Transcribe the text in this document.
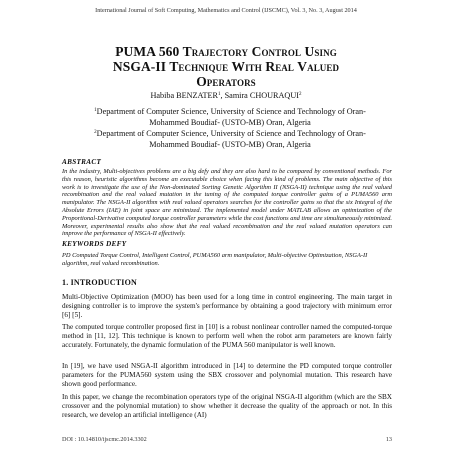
International Journal of Soft Computing, Mathematics and Control (IJSCMC), Vol. 3, No. 3, August 2014
PUMA 560 Trajectory Control Using
NSGA-II Technique With Real Valued
Operators
Habiba BENZATER$^1$, Samira CHOURAQUI$^2$
$^1$Department of Computer Science, University of Science and Technology of Oran-Mohammed Boudiaf- (USTO-MB) Oran, Algeria
$^2$Department of Computer Science, University of Science and Technology of Oran-Mohammed Boudiaf- (USTO-MB) Oran, Algeria
ABSTRACT
In the industry, Multi-objectives problems are a big defy and they are also hard to be compared by conventional methods. For this reason, heuristic algorithms become an executable choice when facing this kind of problems. The main objective of this work is to investigate the use of the Non-dominated Sorting Genetic Algorithm II (NSGA-II) technique using the real valued recombination and the real valued mutation in the tuning of the computed torque controller gains of a PUMA560 arm manipulator. The NSGA-II algorithm with real valued operators searches for the controller gains so that the six Integral of the Absolute Errors (IAE) in joint space are minimized. The implemented model under MATLAB allows an optimization of the Proportional-Derivative computed torque controller parameters while the cost functions and time are simultaneously minimized. Moreover, experimental results also show that the real valued recombination and the real valued mutation operators can improve the performance of NSGA-II effectively.
KEYWORDS DEFY
PD Computed Torque Control, Intelligent Control, PUMA560 arm manipulator, Multi-objective Optimization, NSGA-II algorithm, real valued recombination.
1. INTRODUCTION
Multi-Objective Optimization (MOO) has been used for a long time in control engineering. The main target in designing controller is to improve the system's performance by obtaining a good trajectory with minimum error [6] [5].
The computed torque controller proposed first in [10] is a robust nonlinear controller named the computed-torque method in [11, 12]. This technique is known to perform well when the robot arm parameters are known fairly accurately. Fortunately, the dynamic formulation of the PUMA 560 manipulator is well known.
In [19], we have used NSGA-II algorithm introduced in [14] to determine the PD computed torque controller parameters for the PUMA560 system using the SBX crossover and polynomial mutation. This research have shown good performance.
In this paper, we change the recombination operators type of the original NSGA-II algorithm (which are the SBX crossover and the polynomial mutation) to show whether it decrease the quality of the approach or not. In this research, we develop an artificial intelligence (AI)
DOI : 10.14810/ijscmc.2014.3302	13
